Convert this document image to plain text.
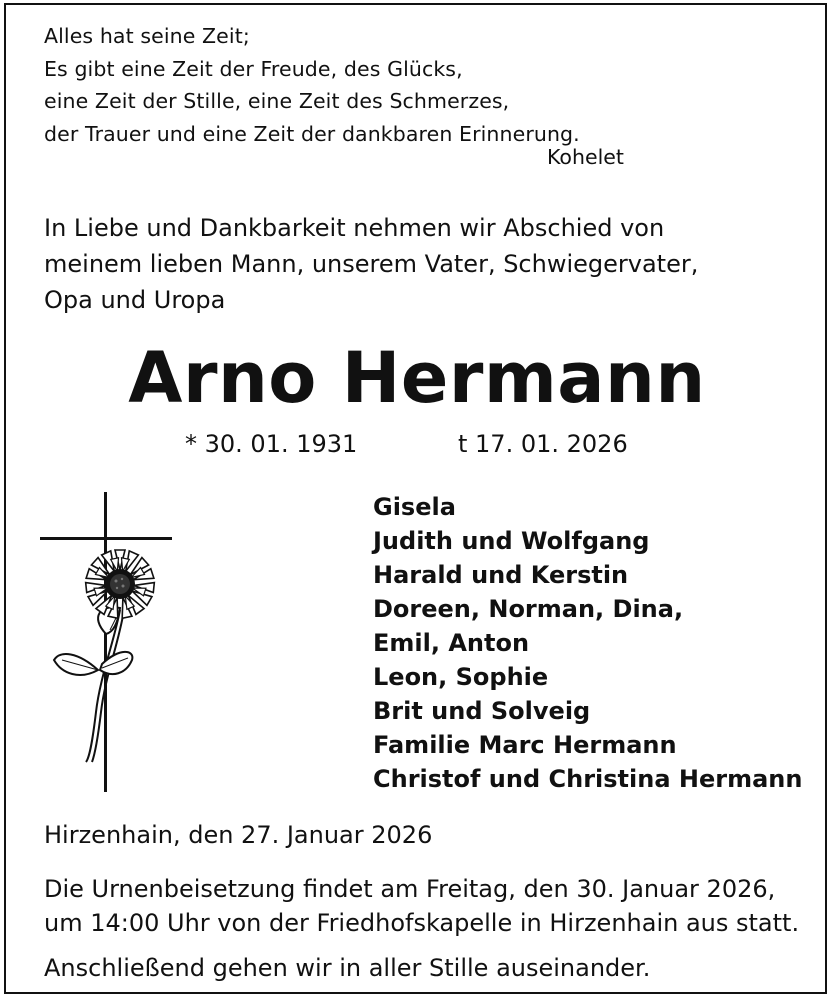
Alles hat seine Zeit;
Es gibt eine Zeit der Freude, des Glücks,
eine Zeit der Stille, eine Zeit des Schmerzes,
der Trauer und eine Zeit der dankbaren Erinnerung.
Kohelet
In Liebe und Dankbarkeit nehmen wir Abschied von
meinem lieben Mann, unserem Vater, Schwiegervater,
Opa und Uropa
Arno Hermann
* 30. 01. 1931	t 17. 01. 2026
Gisela
Judith und Wolfgang
Harald und Kerstin
Doreen, Norman, Dina,
Emil, Anton
Leon, Sophie
Brit und Solveig
Familie Marc Hermann
Christof und Christina Hermann
Hirzenhain, den 27. Januar 2026
Die Urnenbeisetzung findet am Freitag, den 30. Januar 2026,
um 14:00 Uhr von der Friedhofskapelle in Hirzenhain aus statt.
Anschließend gehen wir in aller Stille auseinander.
